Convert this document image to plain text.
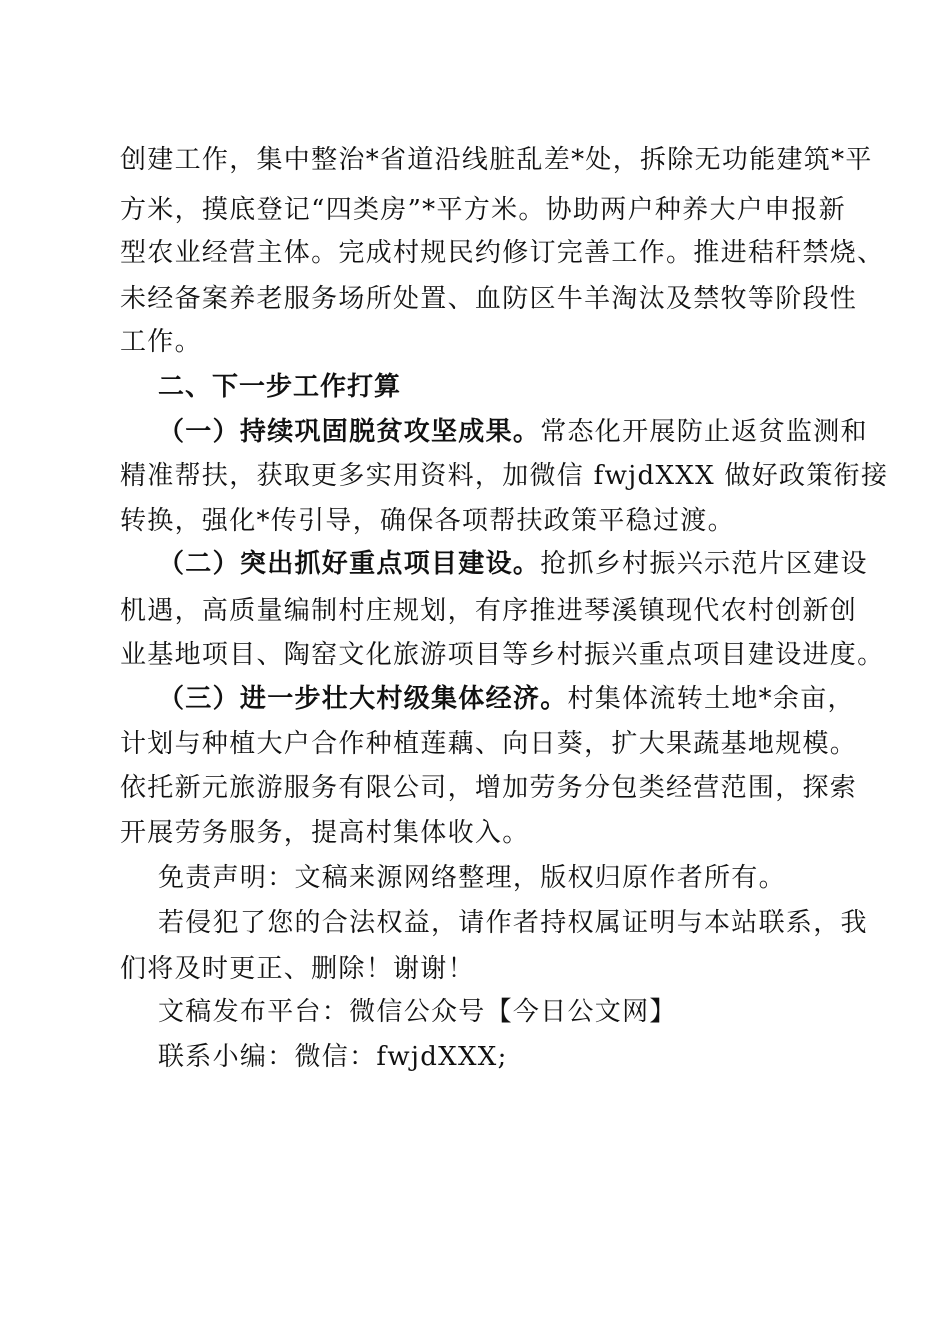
创建工作，集中整治*省道沿线脏乱差*处，拆除无功能建筑*平
方米，摸底登记“四类房”*平方米。协助两户种养大户申报新
型农业经营主体。完成村规民约修订完善工作。推进秸秆禁烧、
未经备案养老服务场所处置、血防区牛羊淘汰及禁牧等阶段性
工作。
二、下一步工作打算
（一）持续巩固脱贫攻坚成果。常态化开展防止返贫监测和
精准帮扶，获取更多实用资料，加微信 fwjdXXX 做好政策衔接
转换，强化*传引导，确保各项帮扶政策平稳过渡。
（二）突出抓好重点项目建设。抢抓乡村振兴示范片区建设
机遇，高质量编制村庄规划，有序推进琴溪镇现代农村创新创
业基地项目、陶窑文化旅游项目等乡村振兴重点项目建设进度。
（三）进一步壮大村级集体经济。村集体流转土地*余亩，
计划与种植大户合作种植莲藕、向日葵，扩大果蔬基地规模。
依托新元旅游服务有限公司，增加劳务分包类经营范围，探索
开展劳务服务，提高村集体收入。
免责声明：文稿来源网络整理，版权归原作者所有。
若侵犯了您的合法权益，请作者持权属证明与本站联系，我
们将及时更正、删除！谢谢！
文稿发布平台：微信公众号【今日公文网】
联系小编：微信：fwjdXXX;
